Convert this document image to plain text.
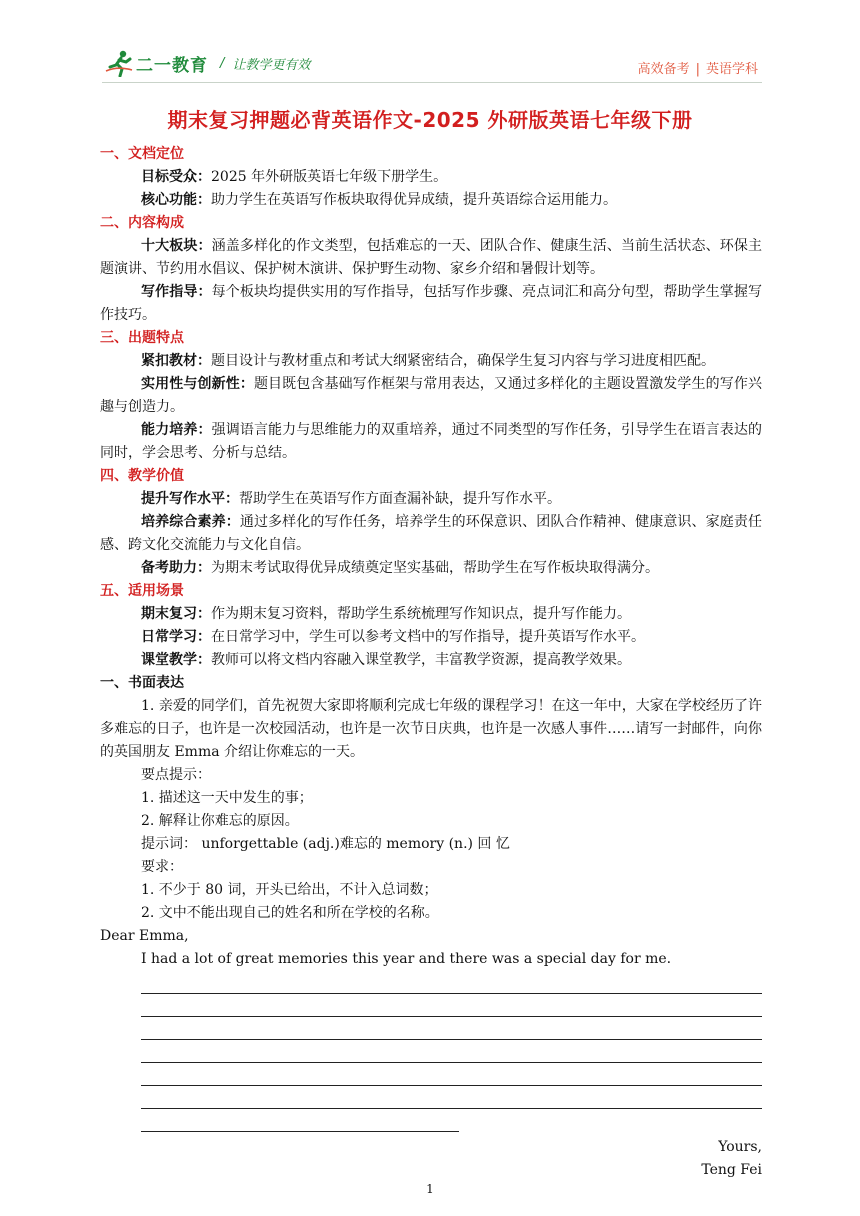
二一教育 / 让教学更有效	高效备考 | 英语学科
期末复习押题必背英语作文-2025 外研版英语七年级下册
一、文档定位
目标受众：2025 年外研版英语七年级下册学生。
核心功能：助力学生在英语写作板块取得优异成绩，提升英语综合运用能力。
二、内容构成
十大板块：涵盖多样化的作文类型，包括难忘的一天、团队合作、健康生活、当前生活状态、环保主题演讲、节约用水倡议、保护树木演讲、保护野生动物、家乡介绍和暑假计划等。
写作指导：每个板块均提供实用的写作指导，包括写作步骤、亮点词汇和高分句型，帮助学生掌握写作技巧。
三、出题特点
紧扣教材：题目设计与教材重点和考试大纲紧密结合，确保学生复习内容与学习进度相匹配。
实用性与创新性：题目既包含基础写作框架与常用表达，又通过多样化的主题设置激发学生的写作兴趣与创造力。
能力培养：强调语言能力与思维能力的双重培养，通过不同类型的写作任务，引导学生在语言表达的同时，学会思考、分析与总结。
四、教学价值
提升写作水平：帮助学生在英语写作方面查漏补缺，提升写作水平。
培养综合素养：通过多样化的写作任务，培养学生的环保意识、团队合作精神、健康意识、家庭责任感、跨文化交流能力与文化自信。
备考助力：为期末考试取得优异成绩奠定坚实基础，帮助学生在写作板块取得满分。
五、适用场景
期末复习：作为期末复习资料，帮助学生系统梳理写作知识点，提升写作能力。
日常学习：在日常学习中，学生可以参考文档中的写作指导，提升英语写作水平。
课堂教学：教师可以将文档内容融入课堂教学，丰富教学资源，提高教学效果。
一、书面表达
1. 亲爱的同学们，首先祝贺大家即将顺利完成七年级的课程学习！在这一年中，大家在学校经历了许多难忘的日子，也许是一次校园活动，也许是一次节日庆典，也许是一次感人事件……请写一封邮件，向你的英国朋友 Emma 介绍让你难忘的一天。
要点提示：
1. 描述这一天中发生的事；
2. 解释让你难忘的原因。
提示词： unforgettable (adj.)难忘的 memory (n.) 回 忆
要求：
1. 不少于 80 词，开头已给出，不计入总词数；
2. 文中不能出现自己的姓名和所在学校的名称。
Dear Emma,
I had a lot of great memories this year and there was a special day for me.
Yours,
Teng Fei
1
